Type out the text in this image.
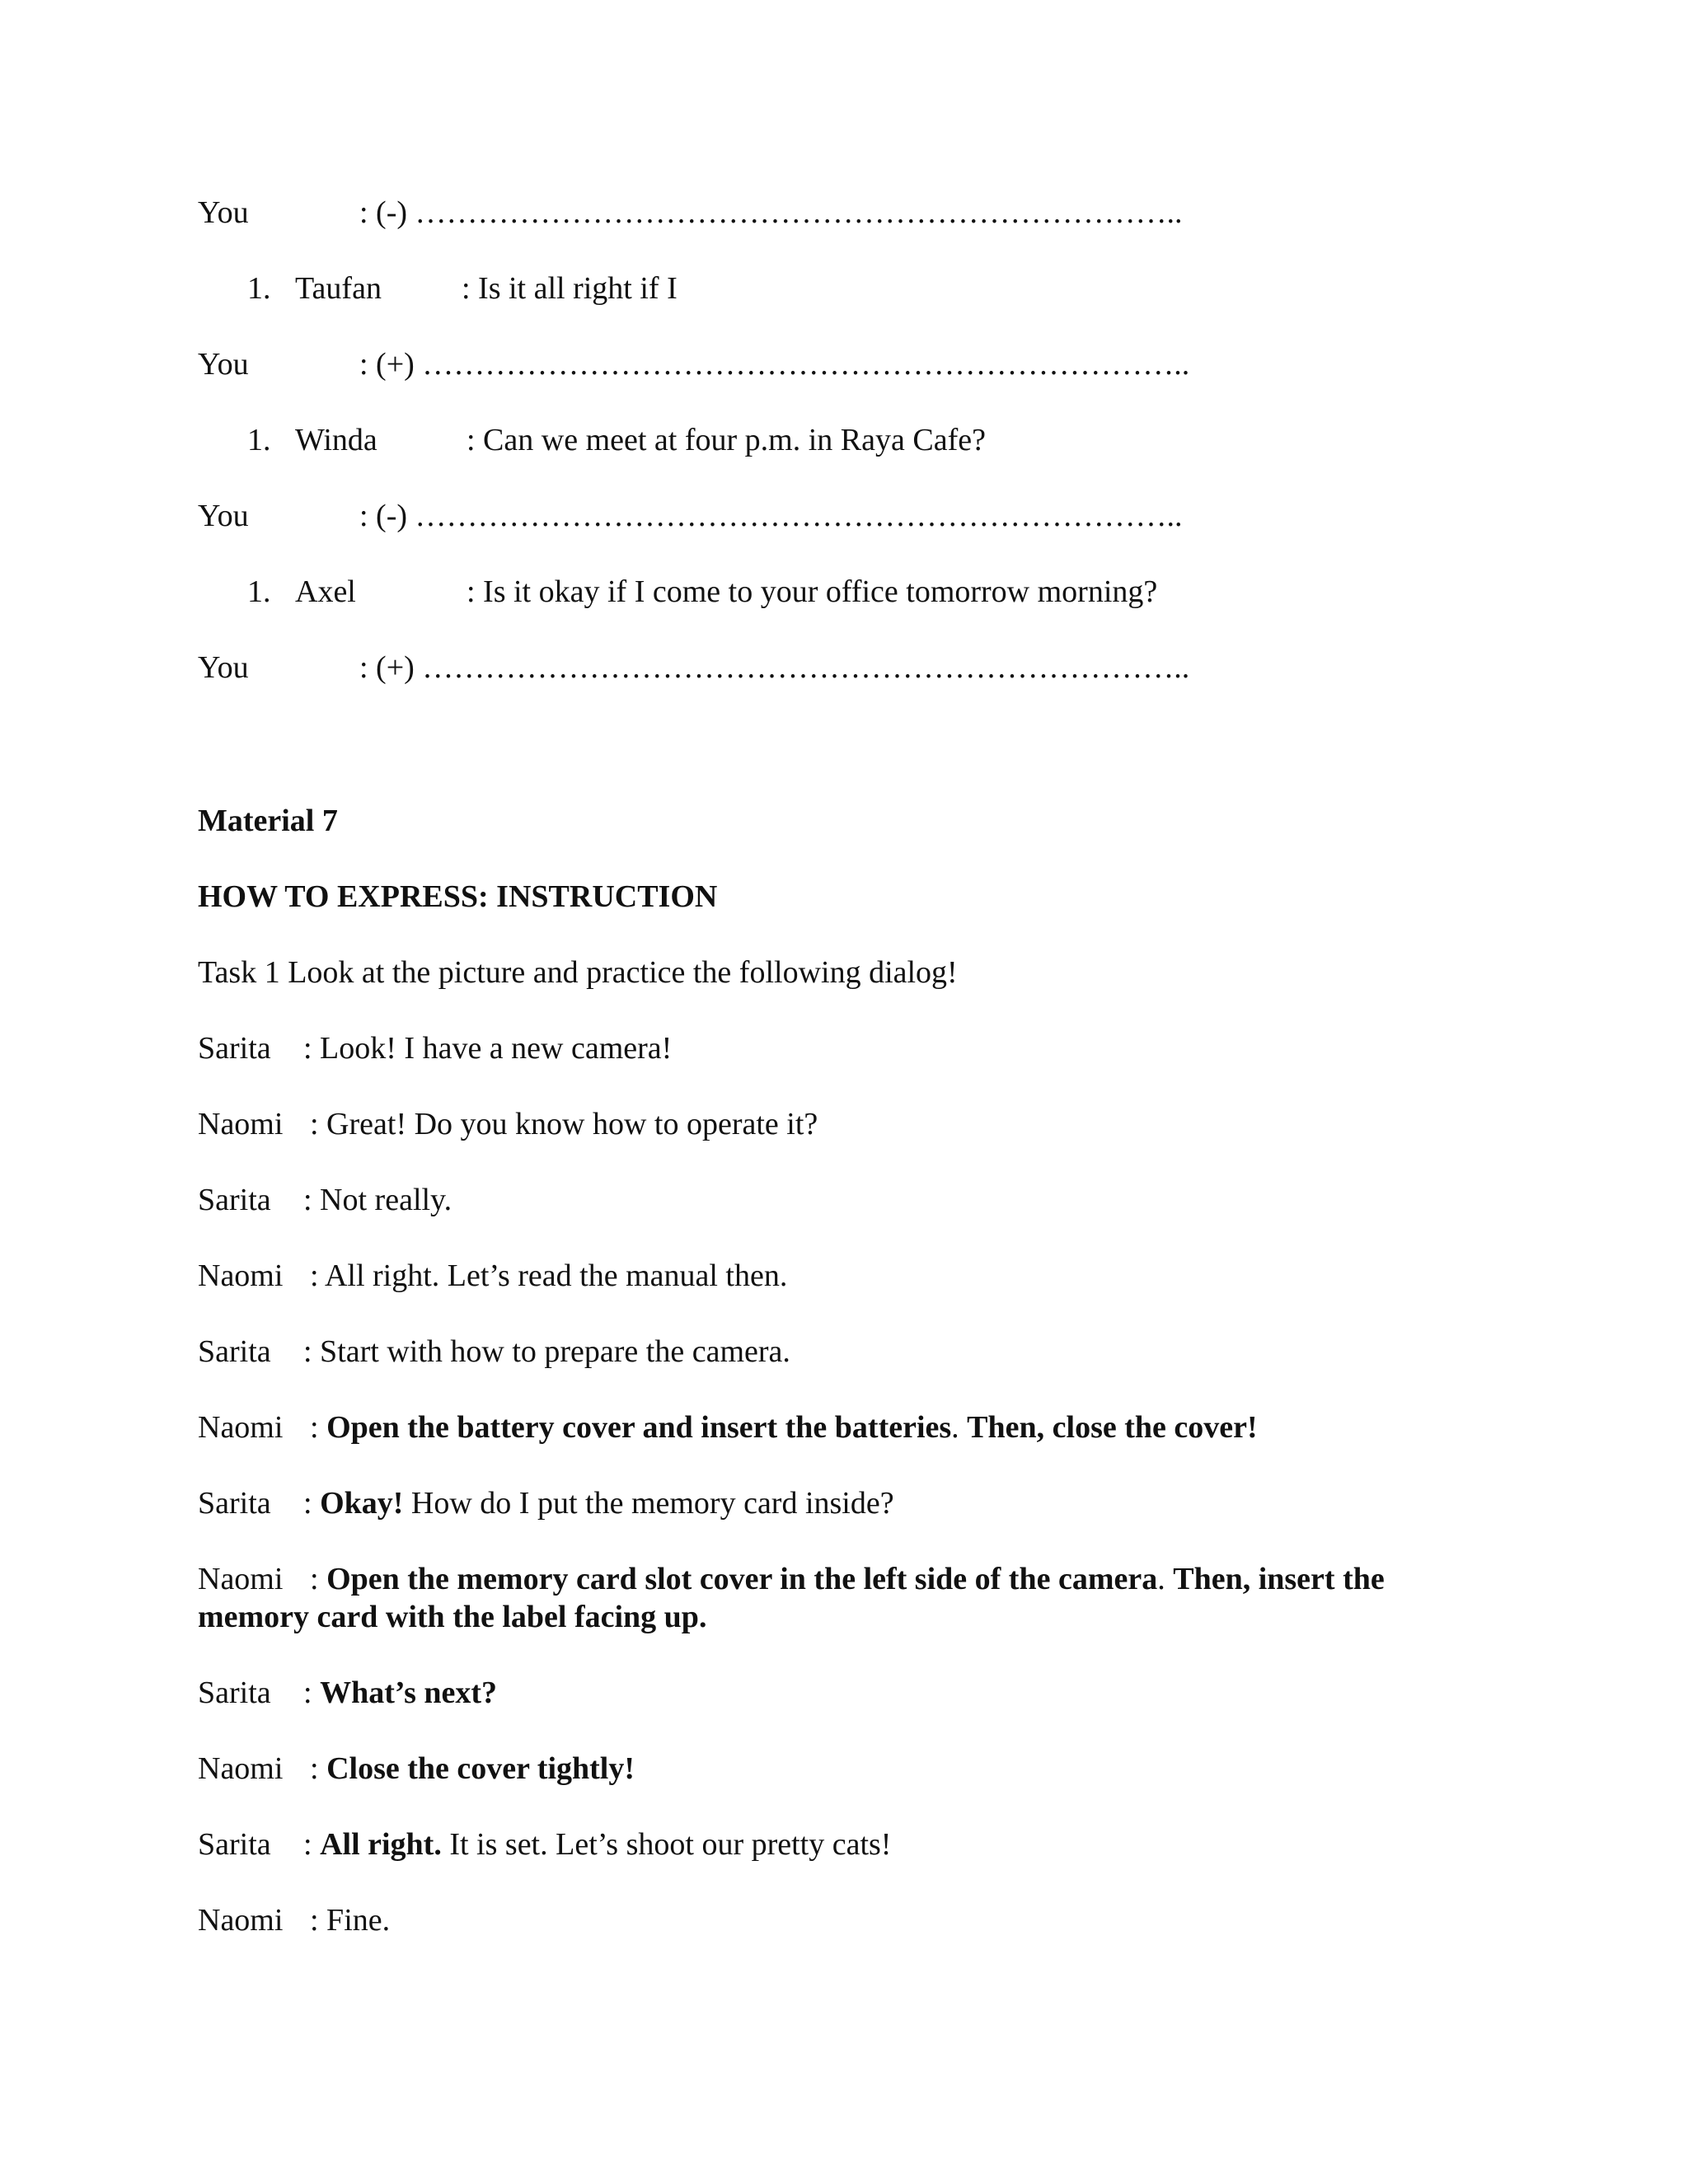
You	: (-) ………………………………………………………………..
1. Taufan	: Is it all right if I
You	: (+) ………………………………………………………………..
1. Winda	: Can we meet at four p.m. in Raya Cafe?
You	: (-) ………………………………………………………………..
1. Axel	: Is it okay if I come to your office tomorrow morning?
You	: (+) ………………………………………………………………..
Material 7
HOW TO EXPRESS: INSTRUCTION
Task 1 Look at the picture and practice the following dialog!
Sarita : Look! I have a new camera!
Naomi : Great! Do you know how to operate it?
Sarita : Not really.
Naomi : All right. Let’s read the manual then.
Sarita : Start with how to prepare the camera.
Naomi : Open the battery cover and insert the batteries. Then, close the cover!
Sarita : Okay! How do I put the memory card inside?
Naomi : Open the memory card slot cover in the left side of the camera. Then, insert the
memory card with the label facing up.
Sarita : What’s next?
Naomi : Close the cover tightly!
Sarita : All right. It is set. Let’s shoot our pretty cats!
Naomi : Fine.
